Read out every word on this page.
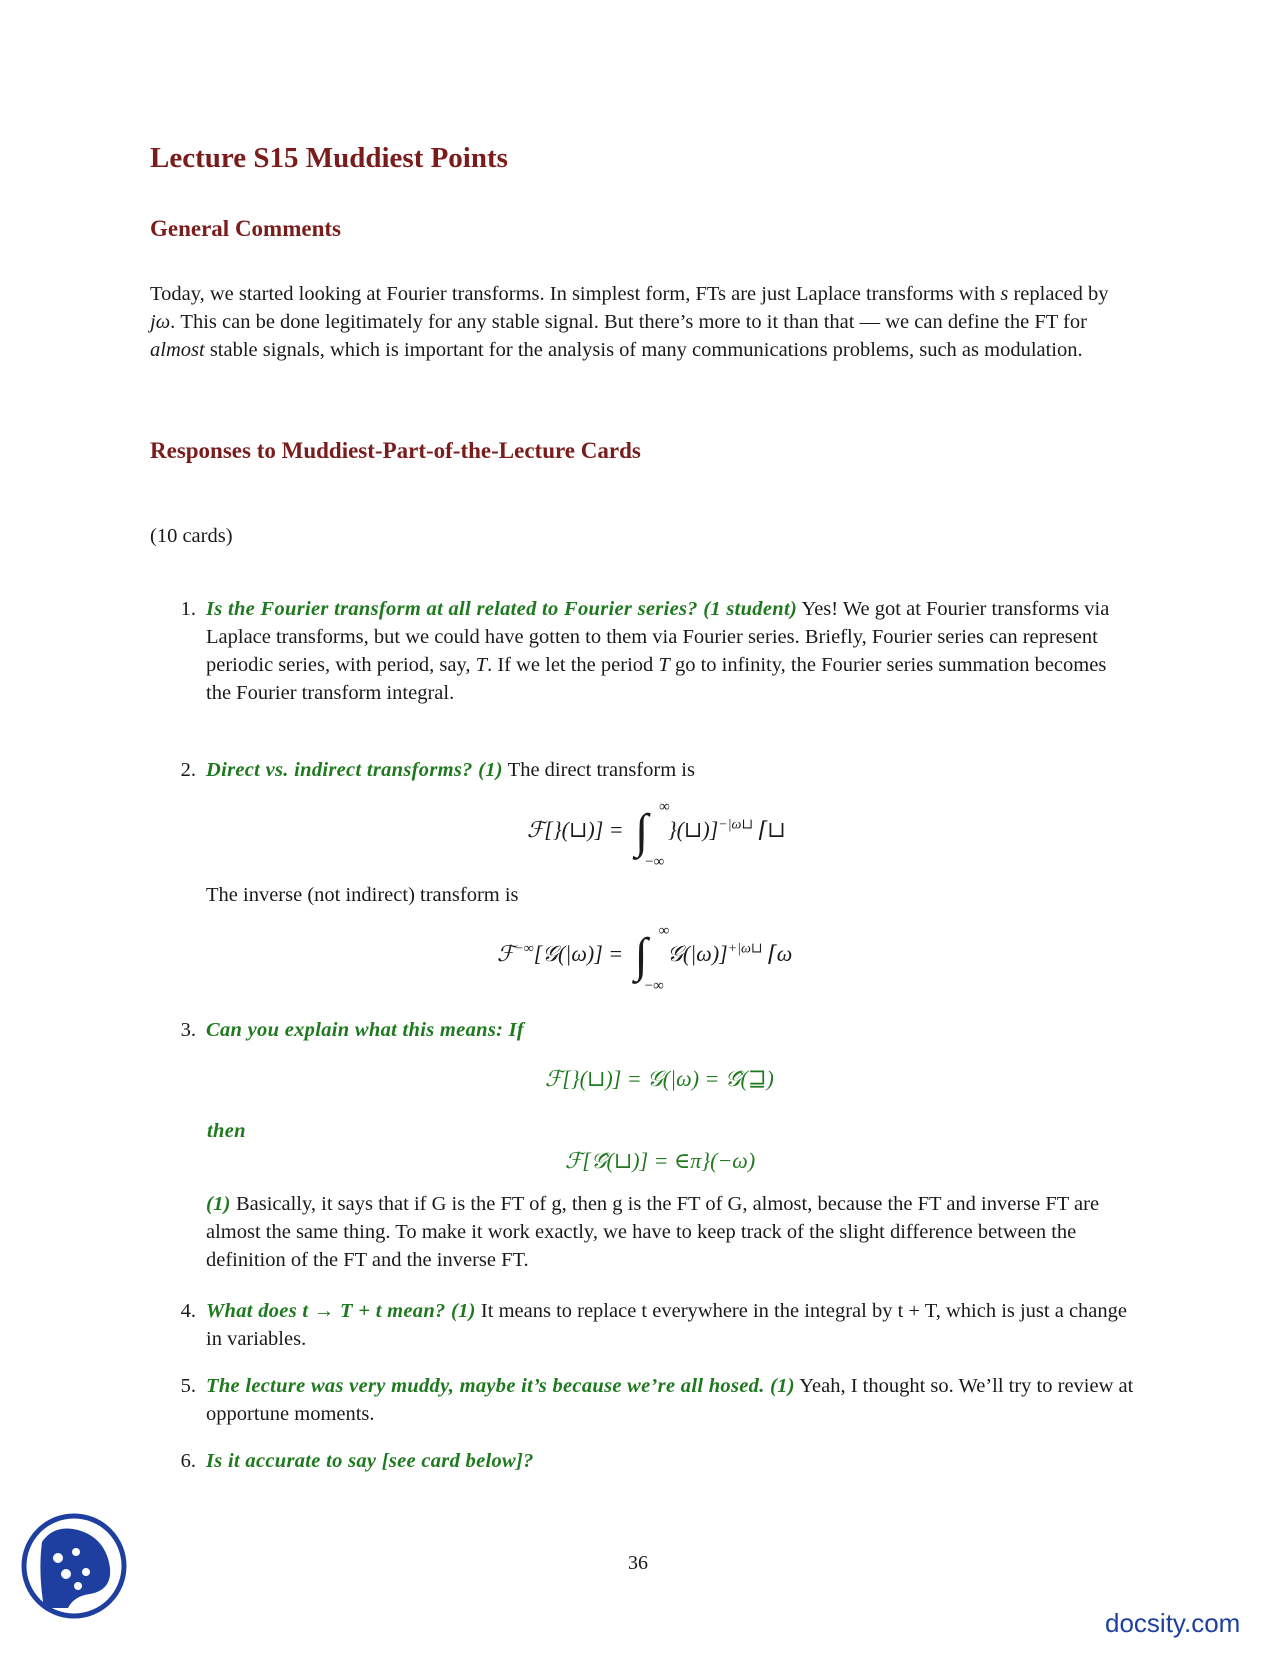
Lecture S15 Muddiest Points
General Comments

Today, we started looking at Fourier transforms. In simplest form, FTs are just Laplace transforms with s replaced by jω. This can be done legitimately for any stable signal. But there’s more to it than that — we can define the FT for almost stable signals, which is important for the analysis of many communications problems, such as modulation.

Responses to Muddiest-Part-of-the-Lecture Cards
(10 cards)
1. Is the Fourier transform at all related to Fourier series? (1 student) Yes! We got at Fourier transforms via Laplace transforms, but we could have gotten to them via Fourier series. Briefly, Fourier series can represent periodic series, with period, say, T. If we let the period T go to infinity, the Fourier series summation becomes the Fourier transform integral.
2. Direct vs. indirect transforms? (1) The direct transform is
ℱ[}(⊔)] = ∫ ∞
−∞
}(⊔)]$^{-|\omega⊔}$ ⌈⊔
The inverse (not indirect) transform is
ℱ−∞[𝒢(|ω)] = ∫ ∞
−∞
𝒢(|ω)]$^{+|\omega⊔}$ ⌈ω
3. Can you explain what this means: If
ℱ[}(⊔)] = 𝒢(|ω) = 𝒢̂(⊒)
then
ℱ[𝒢̂(⊔)] = ∈π}(−ω)
(1) Basically, it says that if G is the FT of g, then g is the FT of G, almost, because the FT and inverse FT are almost the same thing. To make it work exactly, we have to keep track of the slight difference between the definition of the FT and the inverse FT.
4. What does t → T + t mean? (1) It means to replace t everywhere in the integral by t + T, which is just a change in variables.
5. The lecture was very muddy, maybe it’s because we’re all hosed. (1) Yeah, I thought so. We’ll try to review at opportune moments.
6. Is it accurate to say [see card below]?
36
docsity.com
